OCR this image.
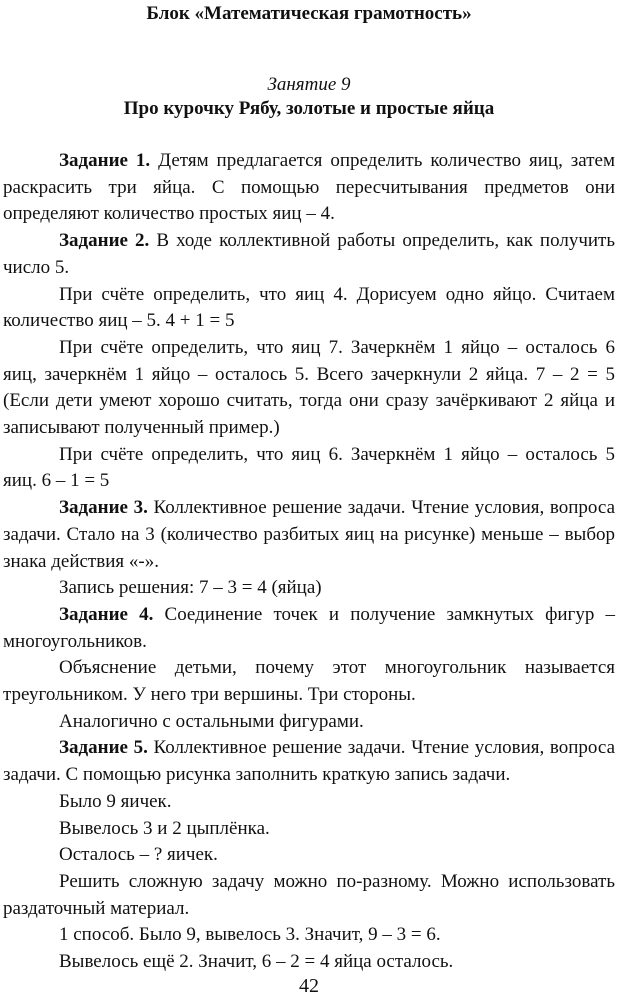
Блок «Математическая грамотность»
Занятие 9
Про курочку Рябу, золотые и простые яйца

Задание 1. Детям предлагается определить количество яиц, затем раскрасить три яйца. С помощью пересчитывания предметов они определяют количество простых яиц – 4.

Задание 2. В ходе коллективной работы определить, как получить число 5.

При счёте определить, что яиц 4. Дорисуем одно яйцо. Считаем количество яиц – 5. 4 + 1 = 5

При счёте определить, что яиц 7. Зачеркнём 1 яйцо – осталось 6 яиц, зачеркнём 1 яйцо – осталось 5. Всего зачеркнули 2 яйца. 7 – 2 = 5 (Если дети умеют хорошо считать, тогда они сразу зачёркивают 2 яйца и записывают полученный пример.)

При счёте определить, что яиц 6. Зачеркнём 1 яйцо – осталось 5 яиц. 6 – 1 = 5

Задание 3. Коллективное решение задачи. Чтение условия, вопроса задачи. Стало на 3 (количество разбитых яиц на рисунке) меньше – выбор знака действия «-».

Запись решения: 7 – 3 = 4 (яйца)

Задание 4. Соединение точек и получение замкнутых фигур – многоугольников.

Объяснение детьми, почему этот многоугольник называется треугольником. У него три вершины. Три стороны.

Аналогично с остальными фигурами.

Задание 5. Коллективное решение задачи. Чтение условия, вопроса задачи. С помощью рисунка заполнить краткую запись задачи.

Было 9 яичек.

Вывелось 3 и 2 цыплёнка.

Осталось – ? яичек.

Решить сложную задачу можно по-разному. Можно использовать раздаточный материал.

1 способ. Было 9, вывелось 3. Значит, 9 – 3 = 6.

Вывелось ещё 2. Значит, 6 – 2 = 4 яйца осталось.

42
